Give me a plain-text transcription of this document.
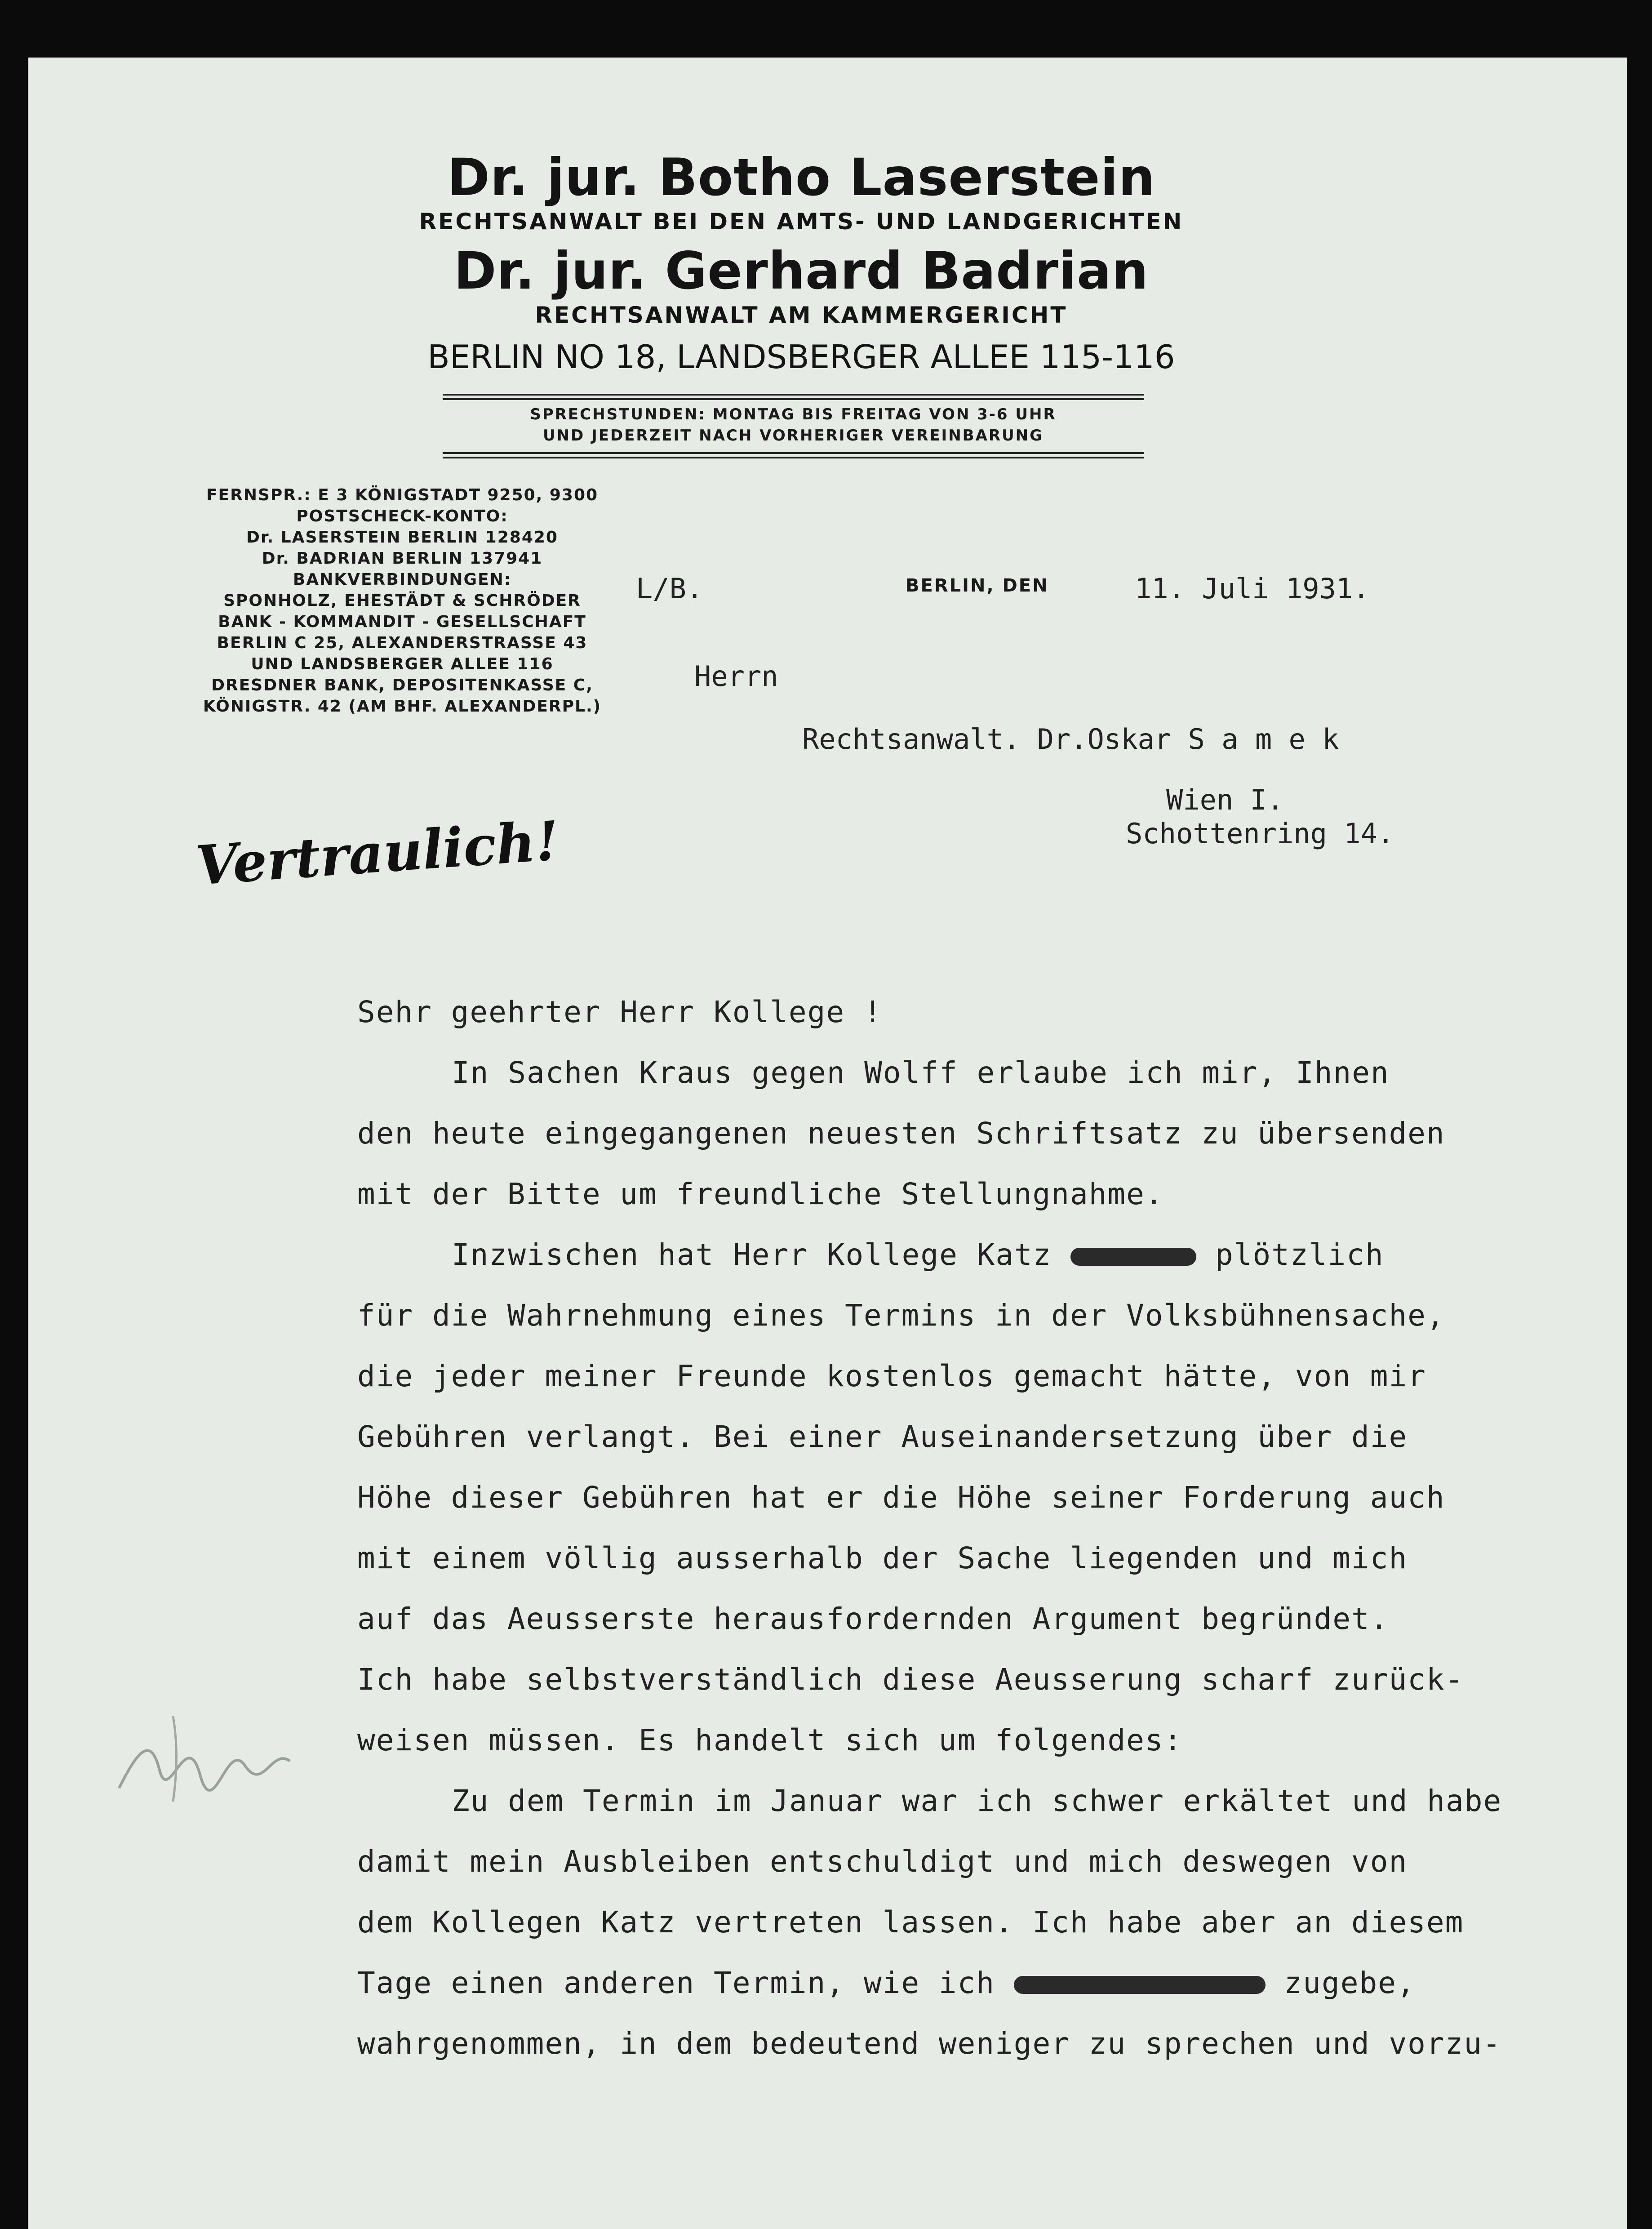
Dr. jur. Botho Laserstein
RECHTSANWALT BEI DEN AMTS- UND LANDGERICHTEN
Dr. jur. Gerhard Badrian
RECHTSANWALT AM KAMMERGERICHT
BERLIN NO 18, LANDSBERGER ALLEE 115-116
SPRECHSTUNDEN: MONTAG BIS FREITAG VON 3-6 UHR
UND JEDERZEIT NACH VORHERIGER VEREINBARUNG
FERNSPR.: E 3 KÖNIGSTADT 9250, 9300
POSTSCHECK-KONTO:
Dr. LASERSTEIN BERLIN 128420
Dr. BADRIAN BERLIN 137941
BANKVERBINDUNGEN:
SPONHOLZ, EHESTÄDT & SCHRÖDER
BANK - KOMMANDIT - GESELLSCHAFT
BERLIN C 25, ALEXANDERSTRASSE 43
UND LANDSBERGER ALLEE 116
DRESDNER BANK, DEPOSITENKASSE C,
KÖNIGSTR. 42 (AM BHF. ALEXANDERPL.)
Vertraulich!
L/B.	BERLIN, DEN	11. Juli 1931.
Herrn
Rechtsanwalt. Dr.Oskar S a m e k
Wien I.
Schottenring 14.
Sehr geehrter Herr Kollege !
In Sachen Kraus gegen Wolff erlaube ich mir, Ihnen
den heute eingegangenen neuesten Schriftsatz zu übersenden
mit der Bitte um freundliche Stellungnahme.
Inzwischen hat Herr Kollege Katz	plötzlich
für die Wahrnehmung eines Termins in der Volksbühnensache,
die jeder meiner Freunde kostenlos gemacht hätte, von mir
Gebühren verlangt. Bei einer Auseinandersetzung über die
Höhe dieser Gebühren hat er die Höhe seiner Forderung auch
mit einem völlig ausserhalb der Sache liegenden und mich
auf das Aeusserste herausfordernden Argument begründet.
Ich habe selbstverständlich diese Aeusserung scharf zurück-
weisen müssen. Es handelt sich um folgendes:
Zu dem Termin im Januar war ich schwer erkältet und habe
damit mein Ausbleiben entschuldigt und mich deswegen von
dem Kollegen Katz vertreten lassen. Ich habe aber an diesem
Tage einen anderen Termin, wie ich	zugebe,
wahrgenommen, in dem bedeutend weniger zu sprechen und vorzu-
